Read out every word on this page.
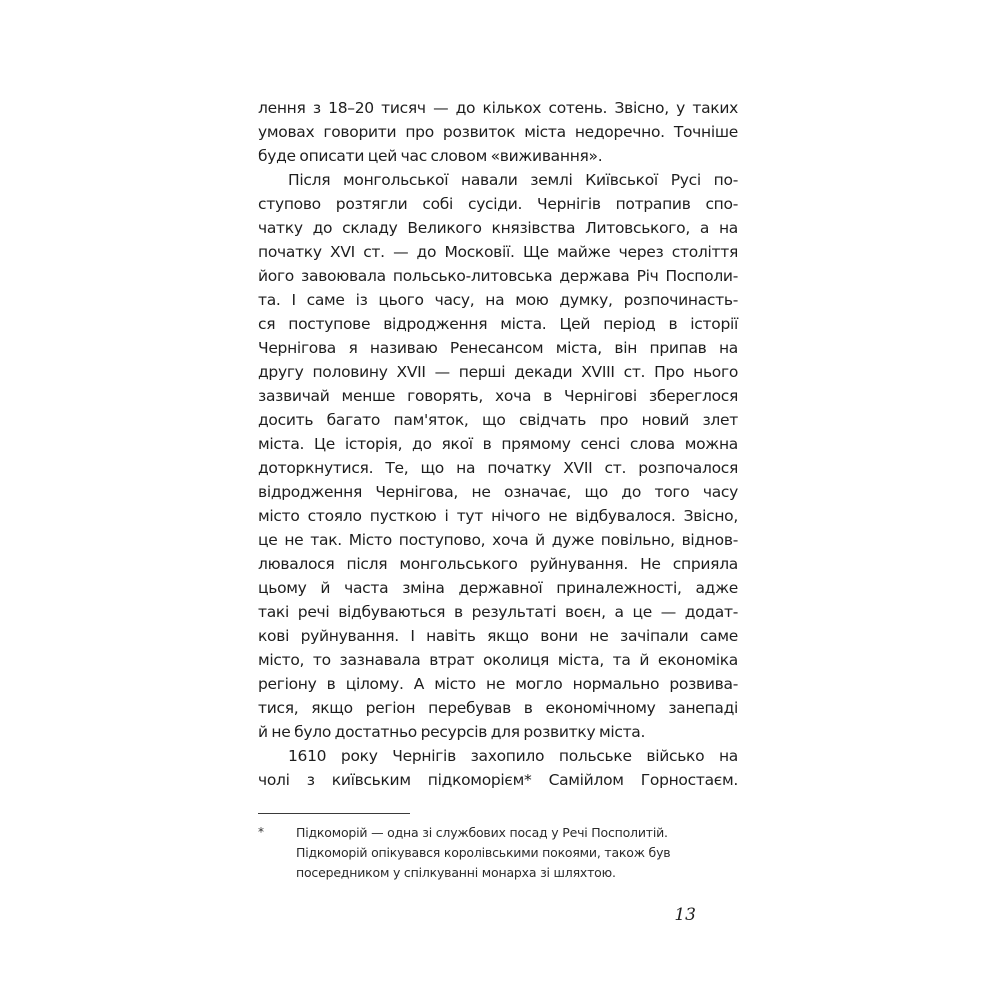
лення з 18–20 тисяч — до кількох сотень. Звісно, у таких
умовах говорити про розвиток міста недоречно. Точніше
буде описати цей час словом «виживання».
Після монгольської навали землі Київської Русі по-
ступово розтягли собі сусіди. Чернігів потрапив спо-
чатку до складу Великого князівства Литовського, а на
початку XVI ст. — до Московії. Ще майже через століття
його завоювала польсько-литовська держава Річ Посполи-
та. І саме із цього часу, на мою думку, розпочинасть-
ся поступове відродження міста. Цей період в історії
Чернігова я називаю Ренесансом міста, він припав на
другу половину XVII — перші декади XVIII ст. Про нього
зазвичай менше говорять, хоча в Чернігові збереглося
досить багато пам'яток, що свідчать про новий злет
міста. Це історія, до якої в прямому сенсі слова можна
доторкнутися. Те, що на початку XVII ст. розпочалося
відродження Чернігова, не означає, що до того часу
місто стояло пусткою і тут нічого не відбувалося. Звісно,
це не так. Місто поступово, хоча й дуже повільно, віднов-
лювалося після монгольського руйнування. Не сприяла
цьому й часта зміна державної приналежності, адже
такі речі відбуваються в результаті воєн, а це — додат-
кові руйнування. І навіть якщо вони не зачіпали саме
місто, то зазнавала втрат околиця міста, та й економіка
регіону в цілому. А місто не могло нормально розвива-
тися, якщо регіон перебував в економічному занепаді
й не було достатньо ресурсів для розвитку міста.
1610 року Чернігів захопило польське військо на
чолі з київським підкоморієм* Самійлом Горностаєм.
*	Підкоморій — одна зі службових посад у Речі Посполитій.
Підкоморій опікувався королівськими покоями, також був
посередником у спілкуванні монарха зі шляхтою.
13
